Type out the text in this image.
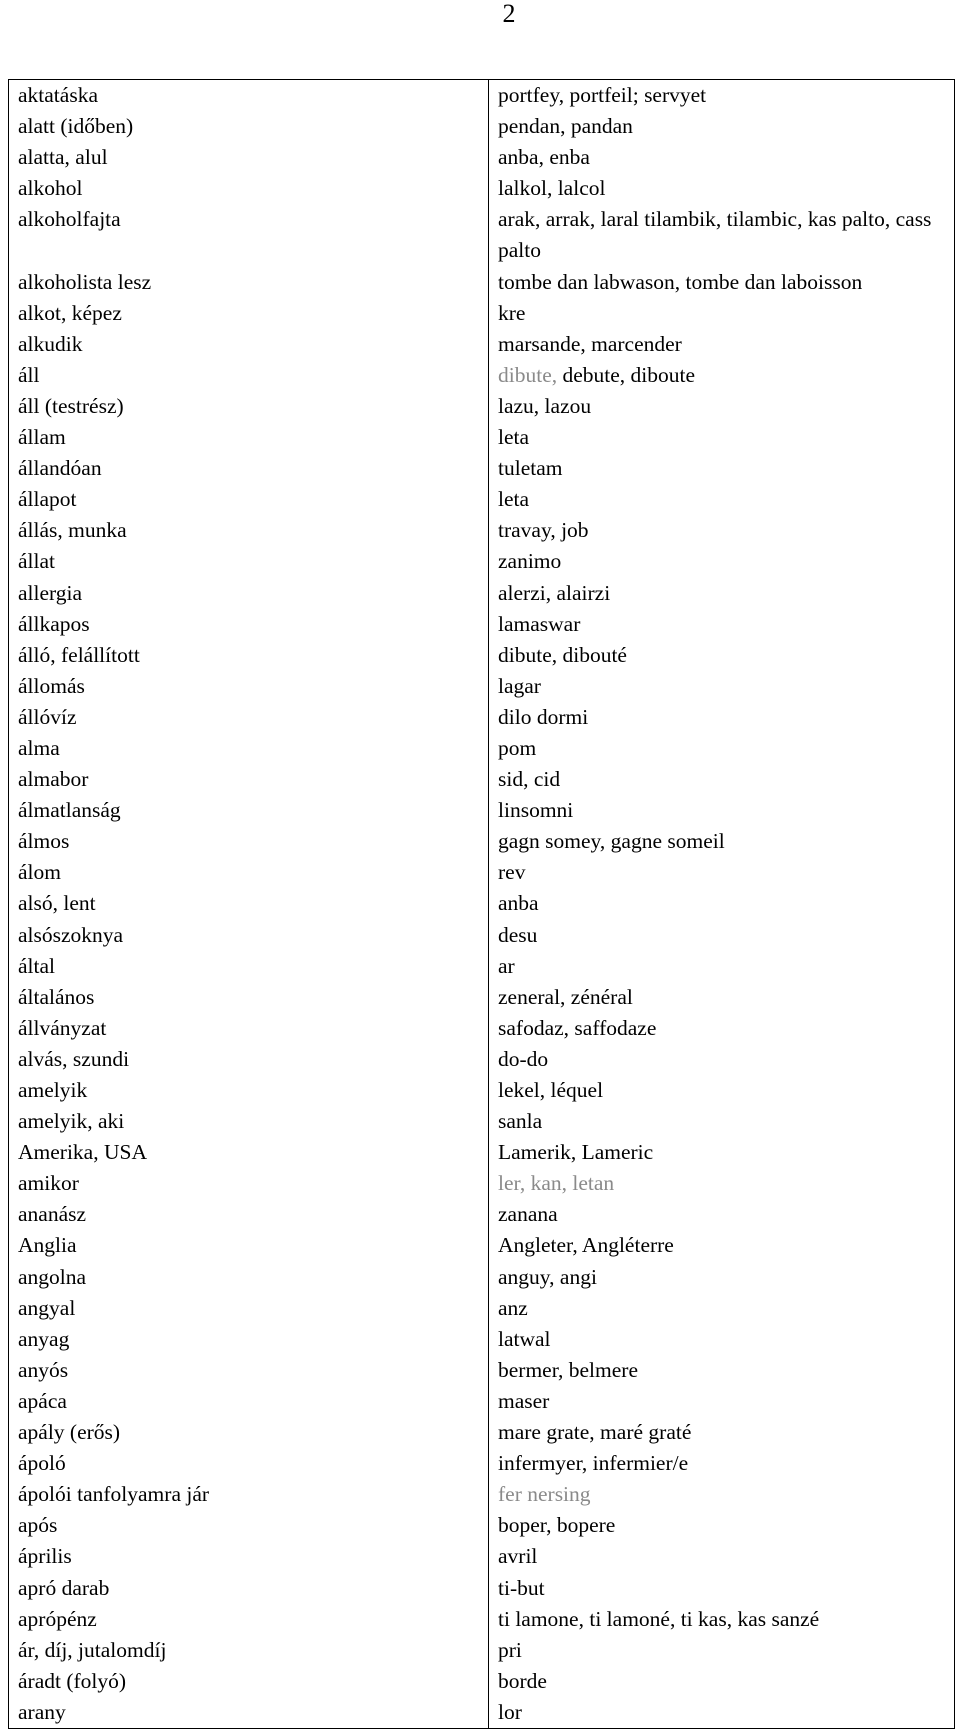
2
aktatáska	portfey, portfeil; servyet
alatt (időben)	pendan, pandan
alatta, alul	anba, enba
alkohol	lalkol, lalcol
alkoholfajta	arak, arrak, laral tilambik, tilambic, kas palto, cass palto
alkoholista lesz	tombe dan labwason, tombe dan laboisson
alkot, képez	kre
alkudik	marsande, marcender
áll	dibute, debute, diboute
áll (testrész)	lazu, lazou
állam	leta
állandóan	tuletam
állapot	leta
állás, munka	travay, job
állat	zanimo
allergia	alerzi, alairzi
állkapos	lamaswar
álló, felállított	dibute, dibouté
állomás	lagar
állóvíz	dilo dormi
alma	pom
almabor	sid, cid
álmatlanság	linsomni
álmos	gagn somey, gagne someil
álom	rev
alsó, lent	anba
alsószoknya	desu
által	ar
általános	zeneral, zénéral
állványzat	safodaz, saffodaze
alvás, szundi	do-do
amelyik	lekel, léquel
amelyik, aki	sanla
Amerika, USA	Lamerik, Lameric
amikor	ler, kan, letan
ananász	zanana
Anglia	Angleter, Angléterre
angolna	anguy, angi
angyal	anz
anyag	latwal
anyós	bermer, belmere
apáca	maser
apály (erős)	mare grate, maré graté
ápoló	infermyer, infermier/e
ápolói tanfolyamra jár	fer nersing
após	boper, bopere
április	avril
apró darab	ti-but
aprópénz	ti lamone, ti lamoné, ti kas, kas sanzé
ár, díj, jutalomdíj	pri
áradt (folyó)	borde
arany	lor
